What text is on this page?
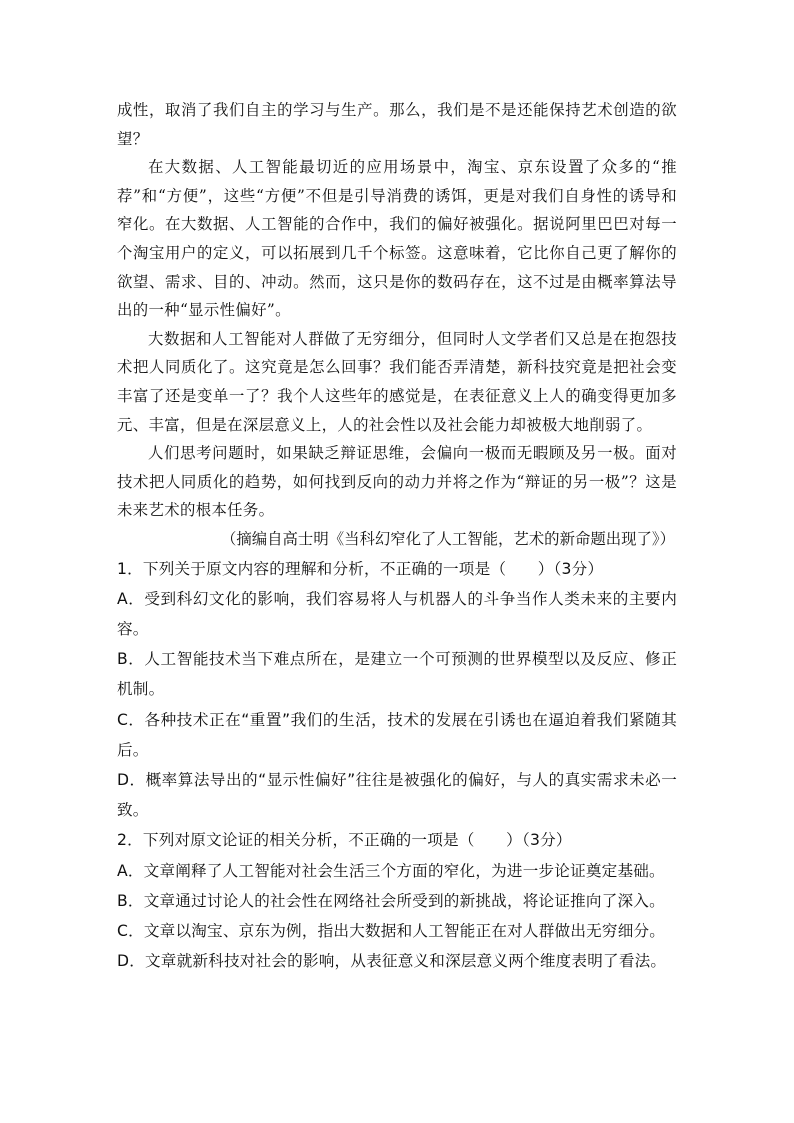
成性，取消了我们自主的学习与生产。那么，我们是不是还能保持艺术创造的欲望？

在大数据、人工智能最切近的应用场景中，淘宝、京东设置了众多的“推荐”和“方便”，这些“方便”不但是引导消费的诱饵，更是对我们自身性的诱导和窄化。在大数据、人工智能的合作中，我们的偏好被强化。据说阿里巴巴对每一个淘宝用户的定义，可以拓展到几千个标签。这意味着，它比你自己更了解你的欲望、需求、目的、冲动。然而，这只是你的数码存在，这不过是由概率算法导出的一种“显示性偏好”。

大数据和人工智能对人群做了无穷细分，但同时人文学者们又总是在抱怨技术把人同质化了。这究竟是怎么回事？我们能否弄清楚，新科技究竟是把社会变丰富了还是变单一了？我个人这些年的感觉是，在表征意义上人的确变得更加多元、丰富，但是在深层意义上，人的社会性以及社会能力却被极大地削弱了。

人们思考问题时，如果缺乏辩证思维，会偏向一极而无暇顾及另一极。面对技术把人同质化的趋势，如何找到反向的动力并将之作为“辩证的另一极”？这是未来艺术的根本任务。

（摘编自高士明《当科幻窄化了人工智能，艺术的新命题出现了》）

1．下列关于原文内容的理解和分析，不正确的一项是（　　）（3分）

A．受到科幻文化的影响，我们容易将人与机器人的斗争当作人类未来的主要内容。

B．人工智能技术当下难点所在，是建立一个可预测的世界模型以及反应、修正机制。

C．各种技术正在“重置”我们的生活，技术的发展在引诱也在逼迫着我们紧随其后。

D．概率算法导出的“显示性偏好”往往是被强化的偏好，与人的真实需求未必一致。

2．下列对原文论证的相关分析，不正确的一项是（　　）（3分）

A．文章阐释了人工智能对社会生活三个方面的窄化，为进一步论证奠定基础。

B．文章通过讨论人的社会性在网络社会所受到的新挑战，将论证推向了深入。

C．文章以淘宝、京东为例，指出大数据和人工智能正在对人群做出无穷细分。

D．文章就新科技对社会的影响，从表征意义和深层意义两个维度表明了看法。
